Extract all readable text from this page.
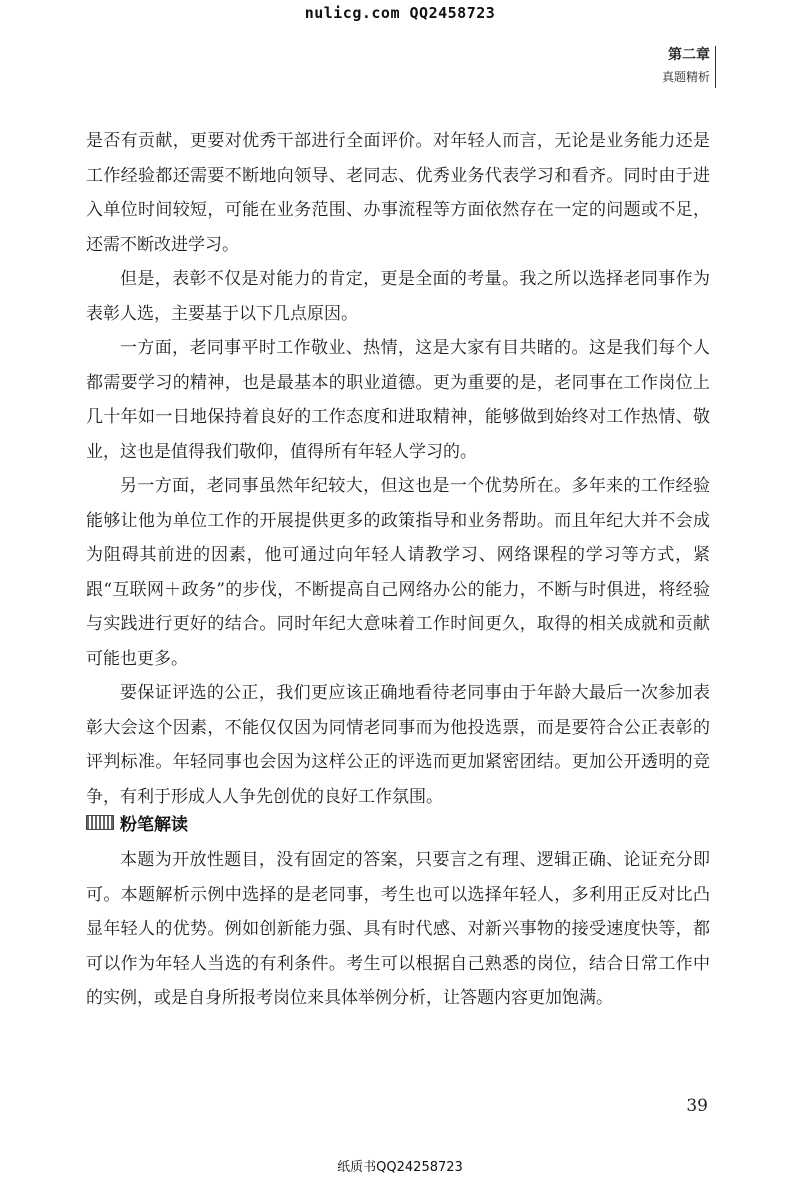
nulicg.com QQ2458723
第二章
真题精析

是否有贡献，更要对优秀干部进行全面评价。对年轻人而言，无论是业务能力还是工作经验都还需要不断地向领导、老同志、优秀业务代表学习和看齐。同时由于进入单位时间较短，可能在业务范围、办事流程等方面依然存在一定的问题或不足，还需不断改进学习。

但是，表彰不仅是对能力的肯定，更是全面的考量。我之所以选择老同事作为表彰人选，主要基于以下几点原因。

一方面，老同事平时工作敬业、热情，这是大家有目共睹的。这是我们每个人都需要学习的精神，也是最基本的职业道德。更为重要的是，老同事在工作岗位上几十年如一日地保持着良好的工作态度和进取精神，能够做到始终对工作热情、敬业，这也是值得我们敬仰，值得所有年轻人学习的。

另一方面，老同事虽然年纪较大，但这也是一个优势所在。多年来的工作经验能够让他为单位工作的开展提供更多的政策指导和业务帮助。而且年纪大并不会成为阻碍其前进的因素，他可通过向年轻人请教学习、网络课程的学习等方式，紧跟“互联网＋政务”的步伐，不断提高自己网络办公的能力，不断与时俱进，将经验与实践进行更好的结合。同时年纪大意味着工作时间更久，取得的相关成就和贡献可能也更多。

要保证评选的公正，我们更应该正确地看待老同事由于年龄大最后一次参加表彰大会这个因素，不能仅仅因为同情老同事而为他投选票，而是要符合公正表彰的评判标准。年轻同事也会因为这样公正的评选而更加紧密团结。更加公开透明的竞争，有利于形成人人争先创优的良好工作氛围。

粉笔解读

本题为开放性题目，没有固定的答案，只要言之有理、逻辑正确、论证充分即可。本题解析示例中选择的是老同事，考生也可以选择年轻人，多利用正反对比凸显年轻人的优势。例如创新能力强、具有时代感、对新兴事物的接受速度快等，都可以作为年轻人当选的有利条件。考生可以根据自己熟悉的岗位，结合日常工作中的实例，或是自身所报考岗位来具体举例分析，让答题内容更加饱满。

39
纸质书QQ24258723
